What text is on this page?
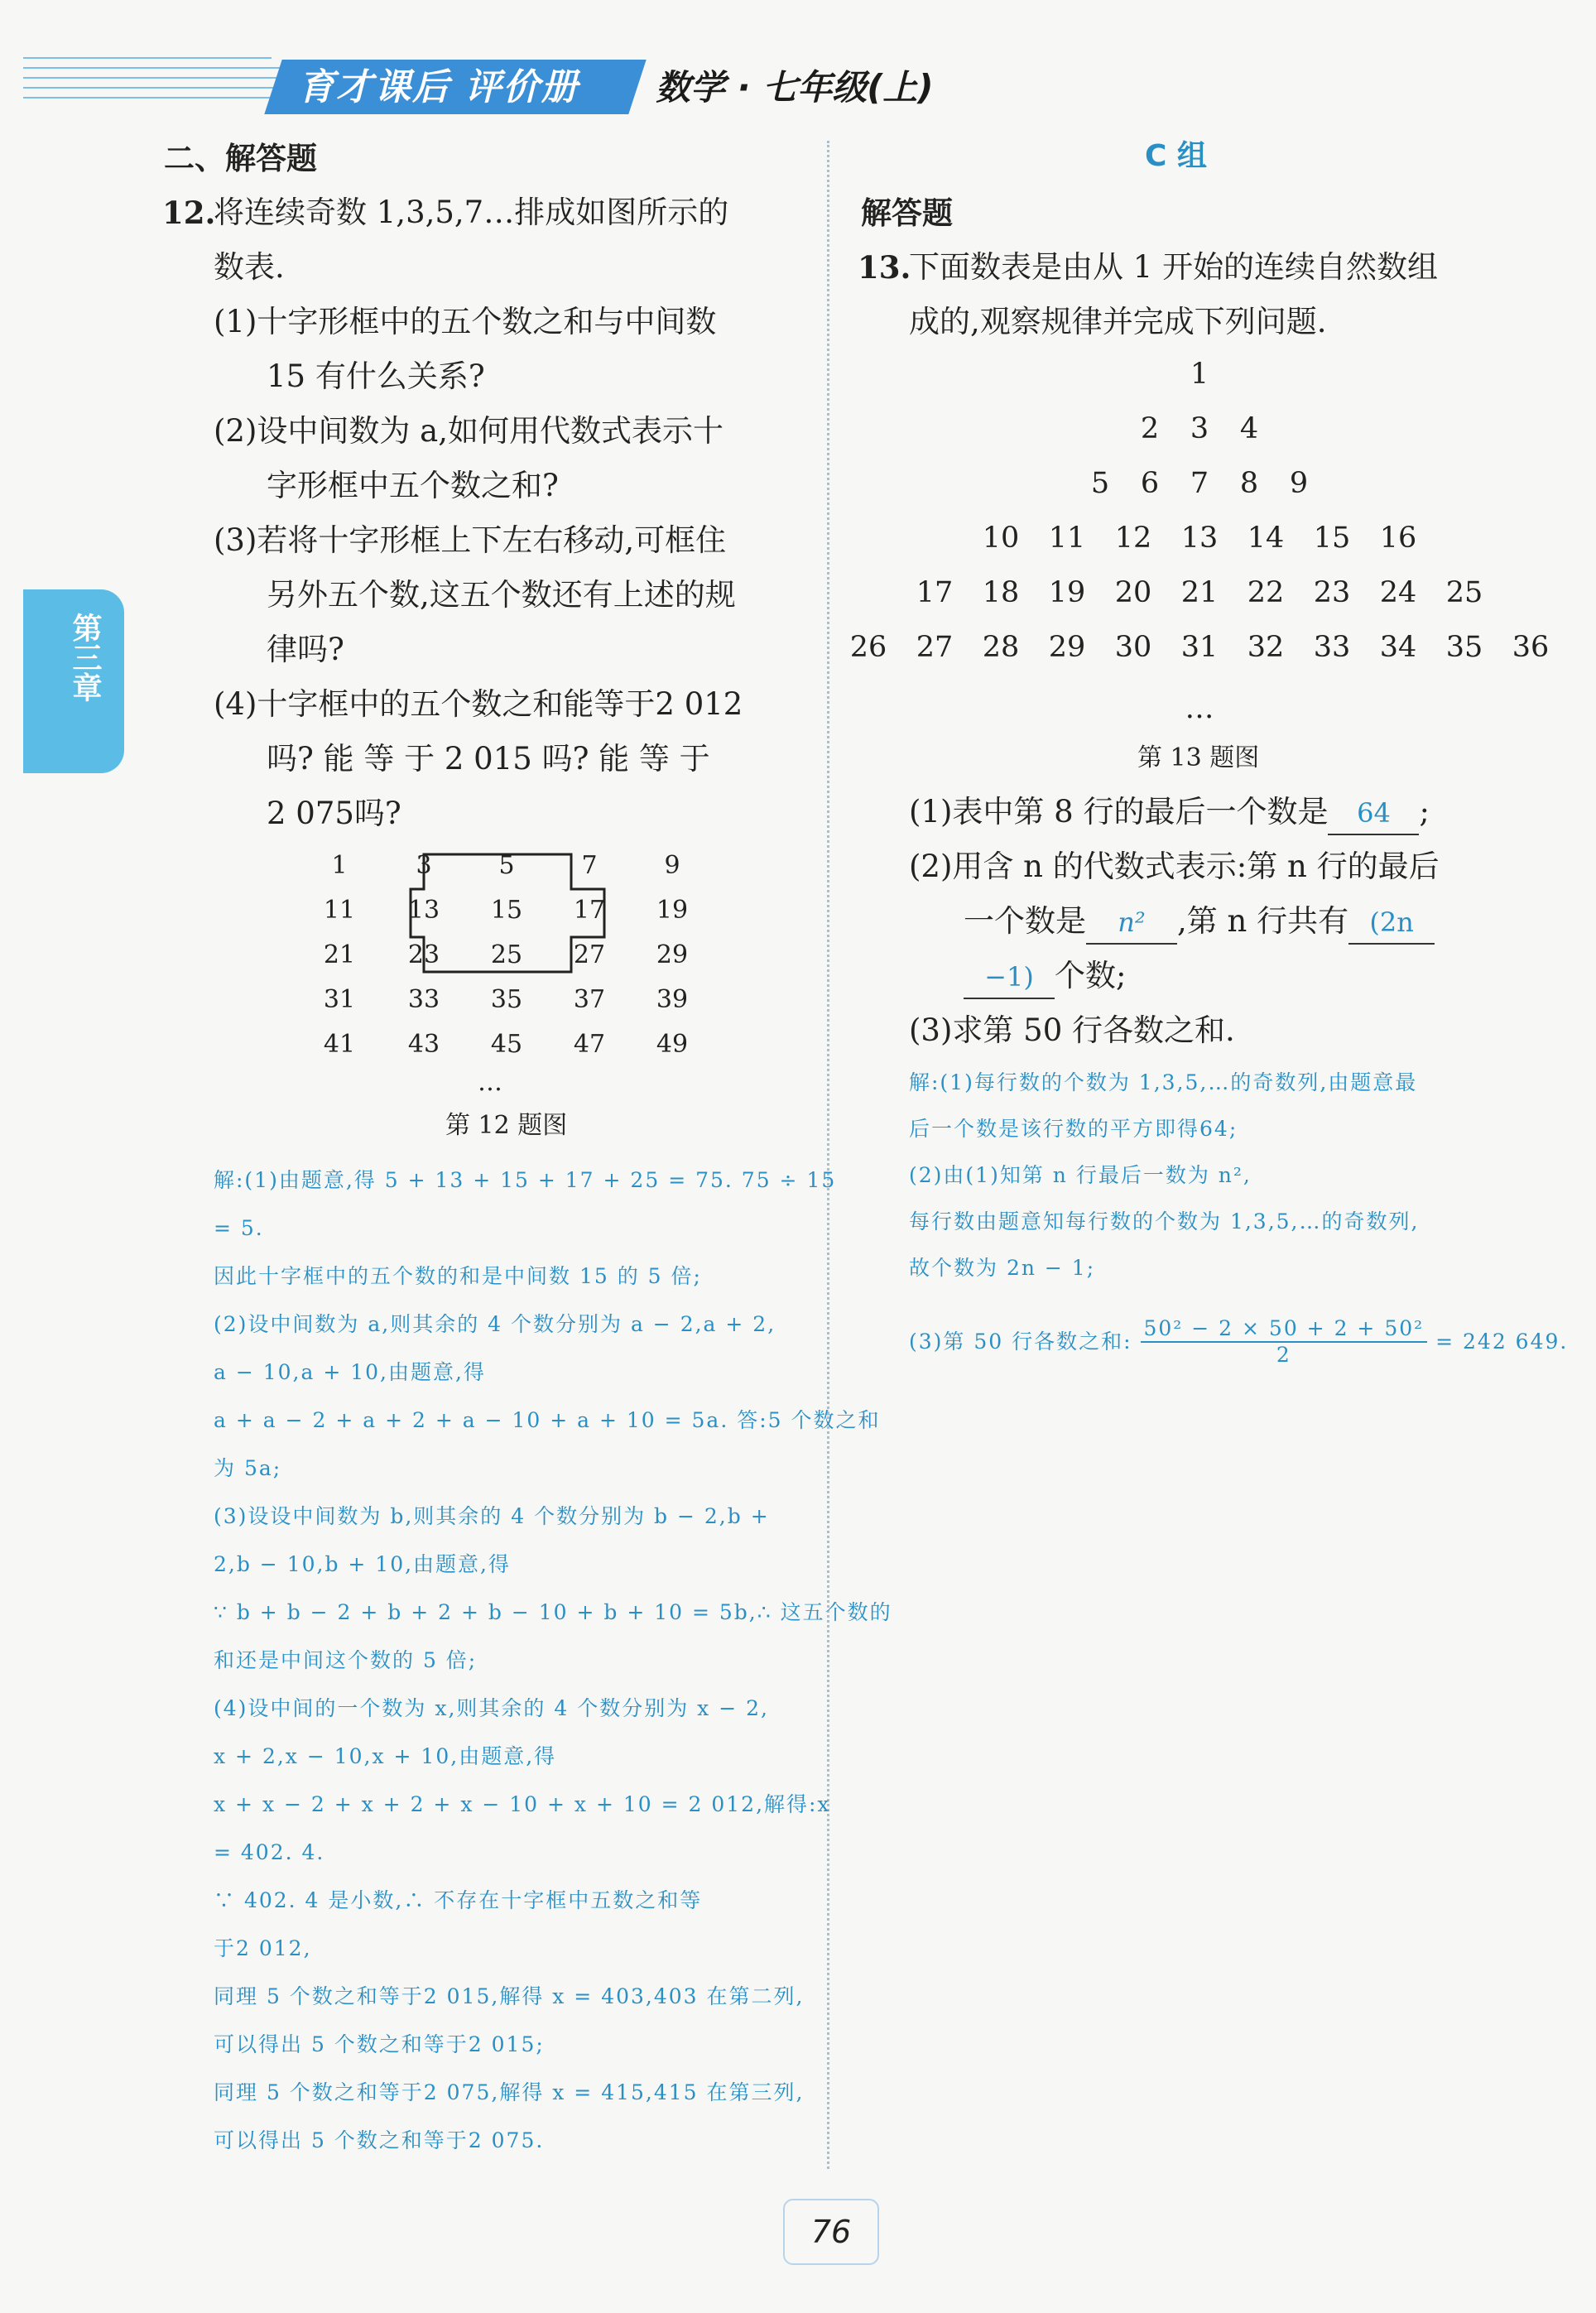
育才课后 评价册	数学 · 七年级(上)
第三章
二、解答题
12.
将连续奇数 1,3,5,7…排成如图所示的
数表.
(1)十字形框中的五个数之和与中间数
15 有什么关系?
(2)设中间数为 a,如何用代数式表示十
字形框中五个数之和?
(3)若将十字形框上下左右移动,可框住
另外五个数,这五个数还有上述的规
律吗?
(4)十字框中的五个数之和能等于2 012
吗? 能 等 于 2 015 吗? 能 等 于
2 075吗?
1	3	5	7	9
11	13	15	17	19
21	23	25	27	29
31	33	35	37	39
41	43	45	47	49
…
第 12 题图
解:(1)由题意,得 5 + 13 + 15 + 17 + 25 = 75. 75 ÷ 15
= 5.
因此十字框中的五个数的和是中间数 15 的 5 倍;
(2)设中间数为 a,则其余的 4 个数分别为 a − 2,a + 2,
a − 10,a + 10,由题意,得
a + a − 2 + a + 2 + a − 10 + a + 10 = 5a. 答:5 个数之和
为 5a;
(3)设设中间数为 b,则其余的 4 个数分别为 b − 2,b +
2,b − 10,b + 10,由题意,得
∵ b + b − 2 + b + 2 + b − 10 + b + 10 = 5b,∴ 这五个数的
和还是中间这个数的 5 倍;
(4)设中间的一个数为 x,则其余的 4 个数分别为 x − 2,
x + 2,x − 10,x + 10,由题意,得
x + x − 2 + x + 2 + x − 10 + x + 10 = 2 012,解得:x
= 402. 4.
∵ 402. 4 是小数,∴ 不存在十字框中五数之和等
于2 012,
同理 5 个数之和等于2 015,解得 x = 403,403 在第二列,
可以得出 5 个数之和等于2 015;
同理 5 个数之和等于2 075,解得 x = 415,415 在第三列,
可以得出 5 个数之和等于2 075.
C 组
解答题
13.
下面数表是由从 1 开始的连续自然数组
成的,观察规律并完成下列问题.
1
2	3	4
5	6	7	8	9
10	11	12	13	14	15	16
17	18	19	20	21	22	23	24	25
26	27	28	29	30	31	32	33	34	35	36
…
第 13 题图
(1)表中第 8 行的最后一个数是 64 ;
(2)用含 n 的代数式表示:第 n 行的最后
一个数是 n² ,第 n 行共有 (2n
−1) 个数;
(3)求第 50 行各数之和.
解:(1)每行数的个数为 1,3,5,…的奇数列,由题意最
后一个数是该行数的平方即得64;
(2)由(1)知第 n 行最后一数为 n²,
每行数由题意知每行数的个数为 1,3,5,…的奇数列,
故个数为 2n − 1;
(3)第 50 行各数之和: $\frac{\text{50² − 2 × 50 + 2 + 50²}}{2} = 242$ 649.
76
